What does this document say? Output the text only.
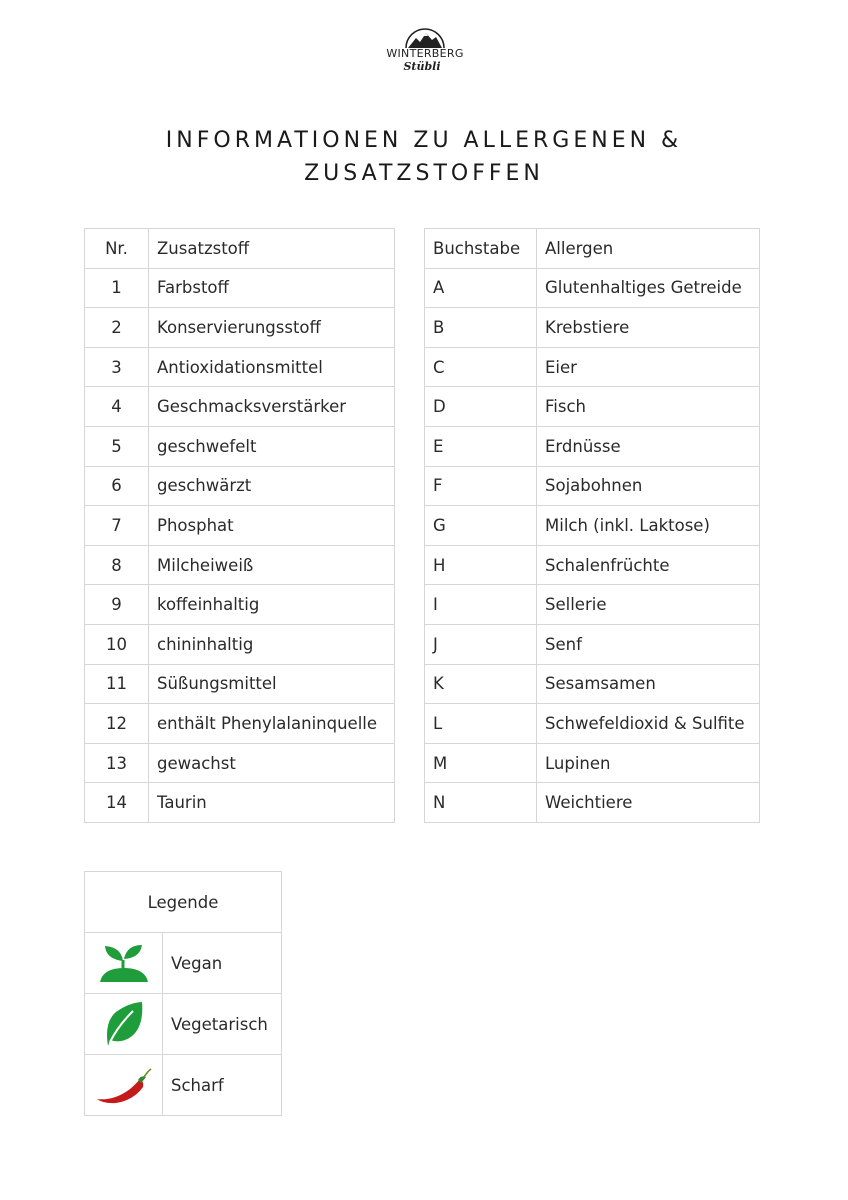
WINTERBERG
Stübli
INFORMATIONEN ZU ALLERGENEN &
ZUSATZSTOFFEN
Nr.	Zusatzstoff
1	Farbstoff
2	Konservierungsstoff
3	Antioxidationsmittel
4	Geschmacksverstärker
5	geschwefelt
6	geschwärzt
7	Phosphat
8	Milcheiweiß
9	koffeinhaltig
10	chininhaltig
11	Süßungsmittel
12	enthält Phenylalaninquelle
13	gewachst
14	Taurin
Buchstabe	Allergen
A	Glutenhaltiges Getreide
B	Krebstiere
C	Eier
D	Fisch
E	Erdnüsse
F	Sojabohnen
G	Milch (inkl. Laktose)
H	Schalenfrüchte
I	Sellerie
J	Senf
K	Sesamsamen
L	Schwefeldioxid & Sulfite
M	Lupinen
N	Weichtiere
Legende	
	Vegan
	Vegetarisch
	Scharf
